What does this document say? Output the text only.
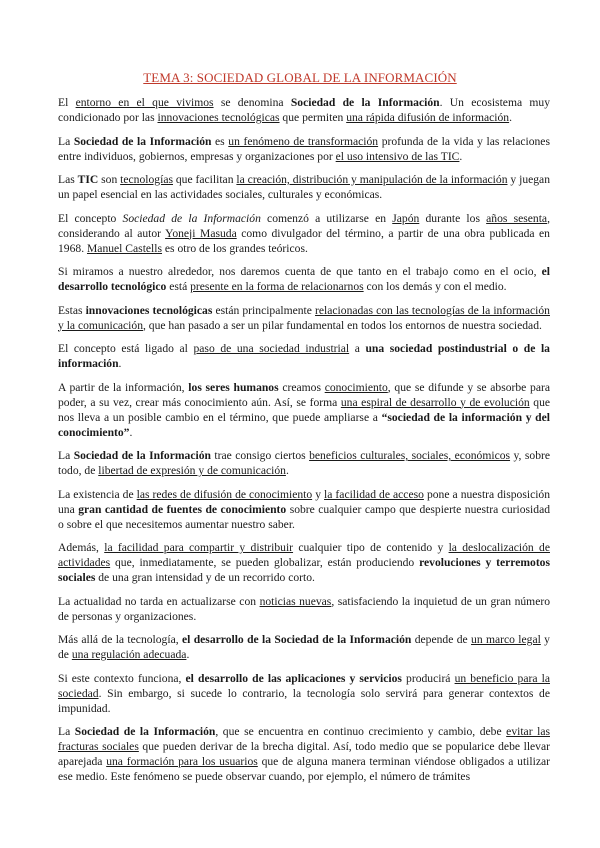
TEMA 3: SOCIEDAD GLOBAL DE LA INFORMACIÓN

El entorno en el que vivimos se denomina Sociedad de la Información. Un ecosistema muy condicionado por las innovaciones tecnológicas que permiten una rápida difusión de información.

La Sociedad de la Información es un fenómeno de transformación profunda de la vida y las relaciones entre individuos, gobiernos, empresas y organizaciones por el uso intensivo de las TIC.

Las TIC son tecnologías que facilitan la creación, distribución y manipulación de la información y juegan un papel esencial en las actividades sociales, culturales y económicas.

El concepto Sociedad de la Información comenzó a utilizarse en Japón durante los años sesenta, considerando al autor Yoneji Masuda como divulgador del término, a partir de una obra publicada en 1968. Manuel Castells es otro de los grandes teóricos.

Si miramos a nuestro alrededor, nos daremos cuenta de que tanto en el trabajo como en el ocio, el desarrollo tecnológico está presente en la forma de relacionarnos con los demás y con el medio.

Estas innovaciones tecnológicas están principalmente relacionadas con las tecnologías de la información y la comunicación, que han pasado a ser un pilar fundamental en todos los entornos de nuestra sociedad.

El concepto está ligado al paso de una sociedad industrial a una sociedad postindustrial o de la información.

A partir de la información, los seres humanos creamos conocimiento, que se difunde y se absorbe para poder, a su vez, crear más conocimiento aún. Así, se forma una espiral de desarrollo y de evolución que nos lleva a un posible cambio en el término, que puede ampliarse a “sociedad de la información y del conocimiento”.

La Sociedad de la Información trae consigo ciertos beneficios culturales, sociales, económicos y, sobre todo, de libertad de expresión y de comunicación.

La existencia de las redes de difusión de conocimiento y la facilidad de acceso pone a nuestra disposición una gran cantidad de fuentes de conocimiento sobre cualquier campo que despierte nuestra curiosidad o sobre el que necesitemos aumentar nuestro saber.

Además, la facilidad para compartir y distribuir cualquier tipo de contenido y la deslocalización de actividades que, inmediatamente, se pueden globalizar, están produciendo revoluciones y terremotos sociales de una gran intensidad y de un recorrido corto.

La actualidad no tarda en actualizarse con noticias nuevas, satisfaciendo la inquietud de un gran número de personas y organizaciones.

Más allá de la tecnología, el desarrollo de la Sociedad de la Información depende de un marco legal y de una regulación adecuada.

Si este contexto funciona, el desarrollo de las aplicaciones y servicios producirá un beneficio para la sociedad. Sin embargo, si sucede lo contrario, la tecnología solo servirá para generar contextos de impunidad.

La Sociedad de la Información, que se encuentra en continuo crecimiento y cambio, debe evitar las fracturas sociales que pueden derivar de la brecha digital. Así, todo medio que se popularice debe llevar aparejada una formación para los usuarios que de alguna manera terminan viéndose obligados a utilizar ese medio. Este fenómeno se puede observar cuando, por ejemplo, el número de trámites
